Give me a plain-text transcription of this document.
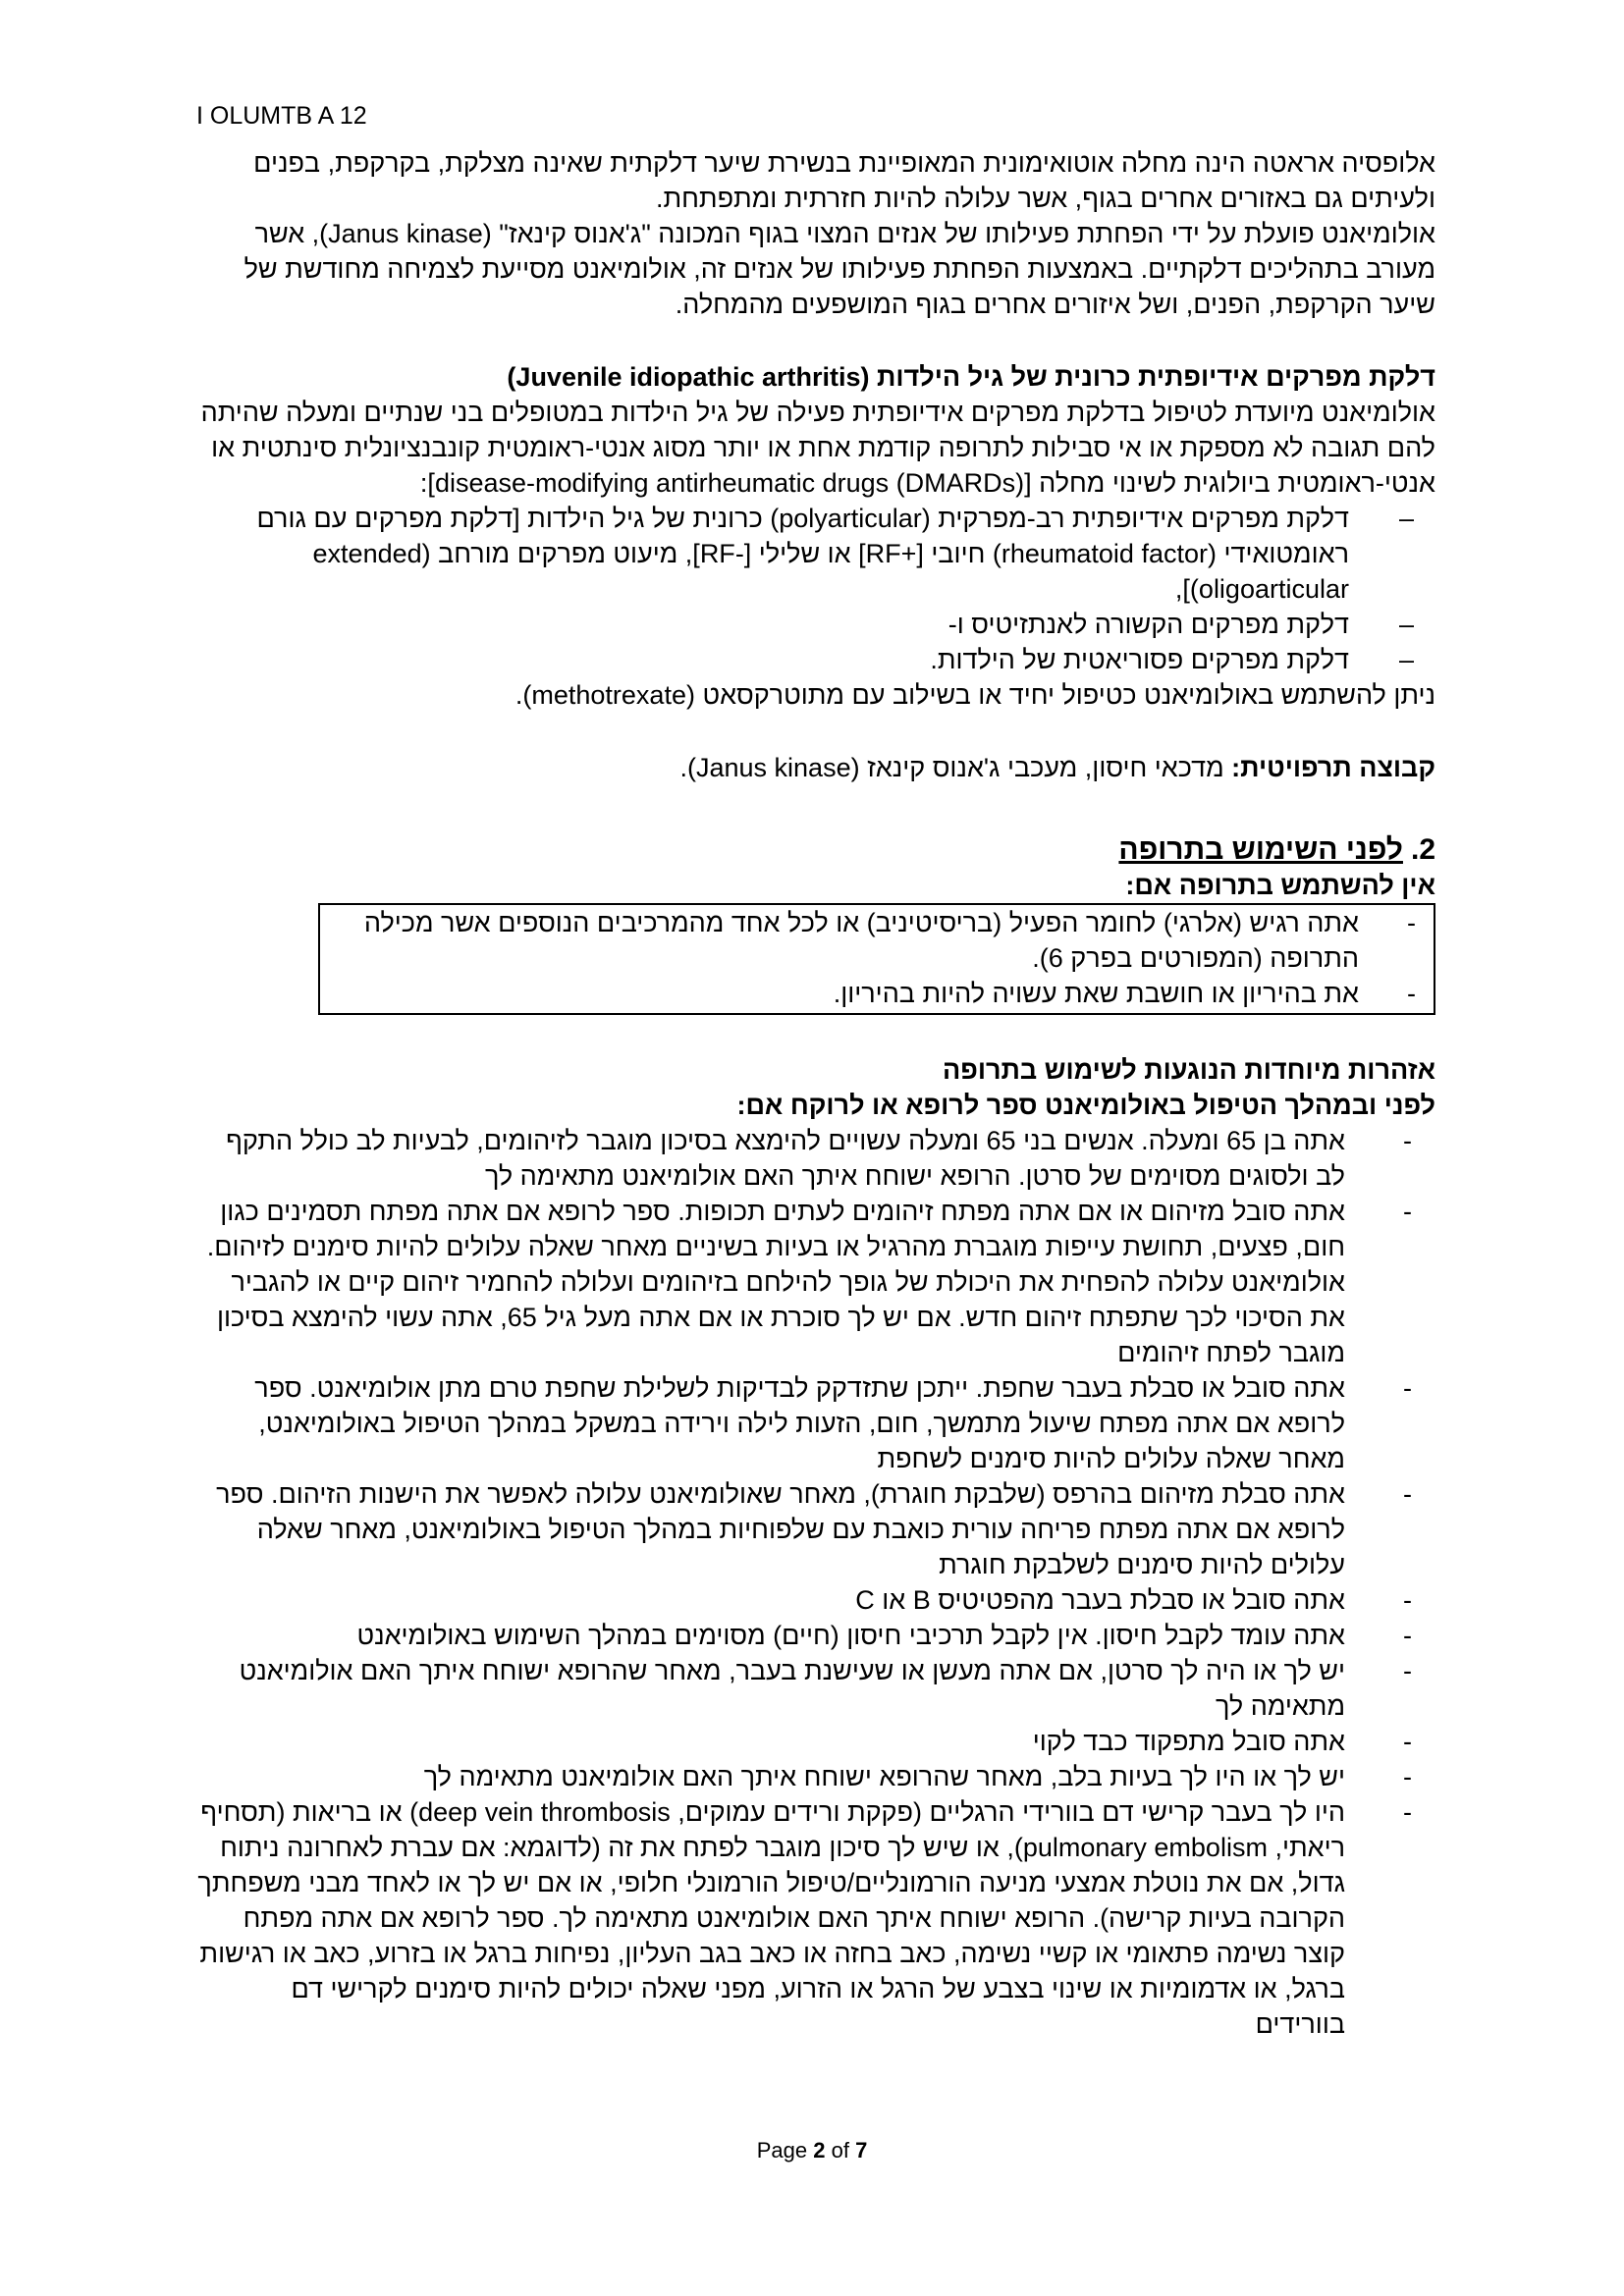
I OLUMTB A 12

אלופסיה אראטה הינה מחלה אוטואימונית המאופיינת בנשירת שיער דלקתית שאינה מצלקת, בקרקפת, בפנים ולעיתים גם באזורים אחרים בגוף, אשר עלולה להיות חזרתית ומתפתחת.

אולומיאנט פועלת על ידי הפחתת פעילותו של אנזים המצוי בגוף המכונה "ג'אנוס קינאז" (Janus kinase), אשר מעורב בתהליכים דלקתיים. באמצעות הפחתת פעילותו של אנזים זה, אולומיאנט מסייעת לצמיחה מחודשת של שיער הקרקפת, הפנים, ושל איזורים אחרים בגוף המושפעים מהמחלה.

דלקת מפרקים אידיופתית כרונית של גיל הילדות (Juvenile idiopathic arthritis)

אולומיאנט מיועדת לטיפול בדלקת מפרקים אידיופתית פעילה של גיל הילדות במטופלים בני שנתיים ומעלה שהיתה להם תגובה לא מספקת או אי סבילות לתרופה קודמת אחת או יותר מסוג אנטי-ראומטית קונבנציונלית סינתטית או אנטי-ראומטית ביולוגית לשינוי מחלה [disease-modifying antirheumatic drugs (DMARDs)]:

–
דלקת מפרקים אידיופתית רב-מפרקית (polyarticular) כרונית של גיל הילדות [דלקת מפרקים עם גורם ראומטואידי (rheumatoid factor) חיובי [+RF] או שלילי [-RF], מיעוט מפרקים מורחב (extended oligoarticular)],
–
דלקת מפרקים הקשורה לאנתזיטיס ו-
–
דלקת מפרקים פסוריאטית של הילדות.

ניתן להשתמש באולומיאנט כטיפול יחיד או בשילוב עם מתוטרקסאט (methotrexate).

קבוצה תרפויטית: מדכאי חיסון, מעכבי ג'אנוס קינאז (Janus kinase).

2.לפני השימוש בתרופה

אין להשתמש בתרופה אם:

-
אתה רגיש (אלרגי) לחומר הפעיל (בריסיטיניב) או לכל אחד מהמרכיבים הנוספים אשר מכילה התרופה (המפורטים בפרק 6).
-
את בהיריון או חושבת שאת עשויה להיות בהיריון.

אזהרות מיוחדות הנוגעות לשימוש בתרופה

לפני ובמהלך הטיפול באולומיאנט ספר לרופא או לרוקח אם:

-
אתה בן 65 ומעלה. אנשים בני 65 ומעלה עשויים להימצא בסיכון מוגבר לזיהומים, לבעיות לב כולל התקף לב ולסוגים מסוימים של סרטן. הרופא ישוחח איתך האם אולומיאנט מתאימה לך
-
אתה סובל מזיהום או אם אתה מפתח זיהומים לעתים תכופות. ספר לרופא אם אתה מפתח תסמינים כגון חום, פצעים, תחושת עייפות מוגברת מהרגיל או בעיות בשיניים מאחר שאלה עלולים להיות סימנים לזיהום. אולומיאנט עלולה להפחית את היכולת של גופך להילחם בזיהומים ועלולה להחמיר זיהום קיים או להגביר את הסיכוי לכך שתפתח זיהום חדש. אם יש לך סוכרת או אם אתה מעל גיל 65, אתה עשוי להימצא בסיכון מוגבר לפתח זיהומים
-
אתה סובל או סבלת בעבר שחפת. ייתכן שתזדקק לבדיקות לשלילת שחפת טרם מתן אולומיאנט. ספר לרופא אם אתה מפתח שיעול מתמשך, חום, הזעות לילה וירידה במשקל במהלך הטיפול באולומיאנט, מאחר שאלה עלולים להיות סימנים לשחפת
-
אתה סבלת מזיהום בהרפס (שלבקת חוגרת), מאחר שאולומיאנט עלולה לאפשר את הישנות הזיהום. ספר לרופא אם אתה מפתח פריחה עורית כואבת עם שלפוחיות במהלך הטיפול באולומיאנט, מאחר שאלה עלולים להיות סימנים לשלבקת חוגרת
-
אתה סובל או סבלת בעבר מהפטיטיס B או C
-
אתה עומד לקבל חיסון. אין לקבל תרכיבי חיסון (חיים) מסוימים במהלך השימוש באולומיאנט
-
יש לך או היה לך סרטן, אם אתה מעשן או שעישנת בעבר, מאחר שהרופא ישוחח איתך האם אולומיאנט מתאימה לך
-
אתה סובל מתפקוד כבד לקוי
-
יש לך או היו לך בעיות בלב, מאחר שהרופא ישוחח איתך האם אולומיאנט מתאימה לך
-
היו לך בעבר קרישי דם בוורידי הרגליים (פקקת ורידים עמוקים, deep vein thrombosis) או בריאות (תסחיף ריאתי, pulmonary embolism), או שיש לך סיכון מוגבר לפתח את זה (לדוגמא: אם עברת לאחרונה ניתוח גדול, אם את נוטלת אמצעי מניעה הורמונליים/טיפול הורמונלי חלופי, או אם יש לך או לאחד מבני משפחתך הקרובה בעיות קרישה). הרופא ישוחח איתך האם אולומיאנט מתאימה לך. ספר לרופא אם אתה מפתח קוצר נשימה פתאומי או קשיי נשימה, כאב בחזה או כאב בגב העליון, נפיחות ברגל או בזרוע, כאב או רגישות ברגל, או אדמומיות או שינוי בצבע של הרגל או הזרוע, מפני שאלה יכולים להיות סימנים לקרישי דם בוורידים
Page 2 of 7
